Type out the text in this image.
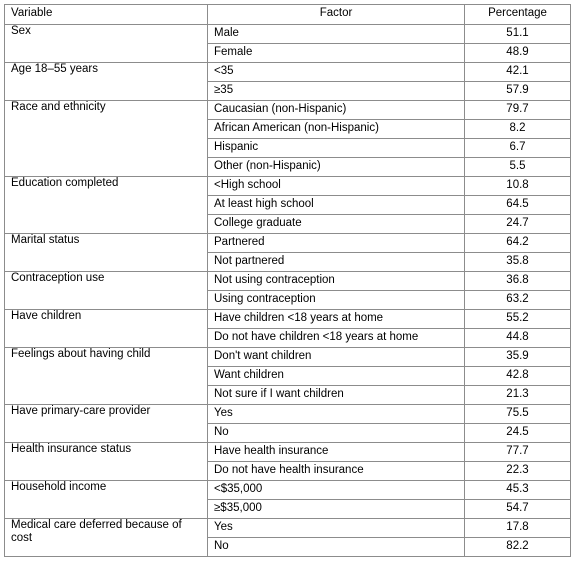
Variable	Factor	Percentage
Sex	Male	51.1
	Female	48.9
Age 18–55 years	<35	42.1
	≥35	57.9
Race and ethnicity	Caucasian (non-Hispanic)	79.7
	African American (non-Hispanic)	8.2
	Hispanic	6.7
	Other (non-Hispanic)	5.5
Education completed	<High school	10.8
	At least high school	64.5
	College graduate	24.7
Marital status	Partnered	64.2
	Not partnered	35.8
Contraception use	Not using contraception	36.8
	Using contraception	63.2
Have children	Have children <18 years at home	55.2
	Do not have children <18 years at home	44.8
Feelings about having child	Don't want children	35.9
	Want children	42.8
	Not sure if I want children	21.3
Have primary-care provider	Yes	75.5
	No	24.5
Health insurance status	Have health insurance	77.7
	Do not have health insurance	22.3
Household income	<$35,000	45.3
	≥$35,000	54.7
Medical care deferred because of cost	Yes	17.8
	No	82.2
